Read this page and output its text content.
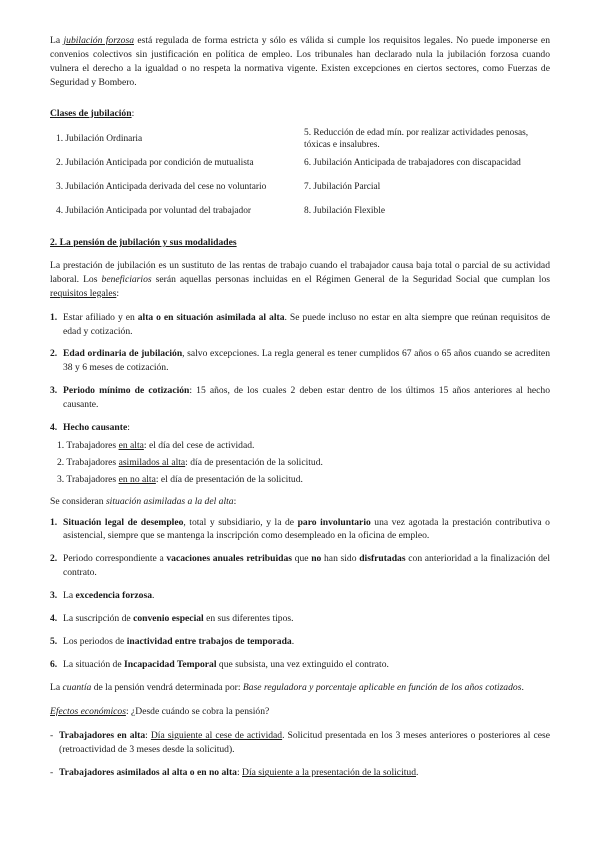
La jubilación forzosa está regulada de forma estricta y sólo es válida si cumple los requisitos legales. No puede imponerse en convenios colectivos sin justificación en política de empleo. Los tribunales han declarado nula la jubilación forzosa cuando vulnera el derecho a la igualdad o no respeta la normativa vigente. Existen excepciones en ciertos sectores, como Fuerzas de Seguridad y Bombero.

Clases de jubilación:

1. Jubilación Ordinaria	5. Reducción de edad mín. por realizar actividades penosas, tóxicas e insalubres.
2. Jubilación Anticipada por condición de mutualista	6. Jubilación Anticipada de trabajadores con discapacidad
3. Jubilación Anticipada derivada del cese no voluntario	7. Jubilación Parcial
4. Jubilación Anticipada por voluntad del trabajador	8. Jubilación Flexible

2. La pensión de jubilación y sus modalidades

La prestación de jubilación es un sustituto de las rentas de trabajo cuando el trabajador causa baja total o parcial de su actividad laboral. Los beneficiarios serán aquellas personas incluidas en el Régimen General de la Seguridad Social que cumplan los requisitos legales:

1. Estar afiliado y en alta o en situación asimilada al alta. Se puede incluso no estar en alta siempre que reúnan requisitos de edad y cotización.
2. Edad ordinaria de jubilación, salvo excepciones. La regla general es tener cumplidos 67 años o 65 años cuando se acrediten 38 y 6 meses de cotización.
3. Periodo mínimo de cotización: 15 años, de los cuales 2 deben estar dentro de los últimos 15 años anteriores al hecho causante.
4. Hecho causante:
1. Trabajadores en alta: el día del cese de actividad.
2. Trabajadores asimilados al alta: día de presentación de la solicitud.
3. Trabajadores en no alta: el día de presentación de la solicitud.

Se consideran situación asimiladas a la del alta:

1. Situación legal de desempleo, total y subsidiario, y la de paro involuntario una vez agotada la prestación contributiva o asistencial, siempre que se mantenga la inscripción como desempleado en la oficina de empleo.
2. Periodo correspondiente a vacaciones anuales retribuidas que no han sido disfrutadas con anterioridad a la finalización del contrato.
3. La excedencia forzosa.
4. La suscripción de convenio especial en sus diferentes tipos.
5. Los periodos de inactividad entre trabajos de temporada.
6. La situación de Incapacidad Temporal que subsista, una vez extinguido el contrato.

La cuantía de la pensión vendrá determinada por: Base reguladora y porcentaje aplicable en función de los años cotizados.

Efectos económicos: ¿Desde cuándo se cobra la pensión?

- Trabajadores en alta: Día siguiente al cese de actividad. Solicitud presentada en los 3 meses anteriores o posteriores al cese (retroactividad de 3 meses desde la solicitud).
- Trabajadores asimilados al alta o en no alta: Día siguiente a la presentación de la solicitud.
